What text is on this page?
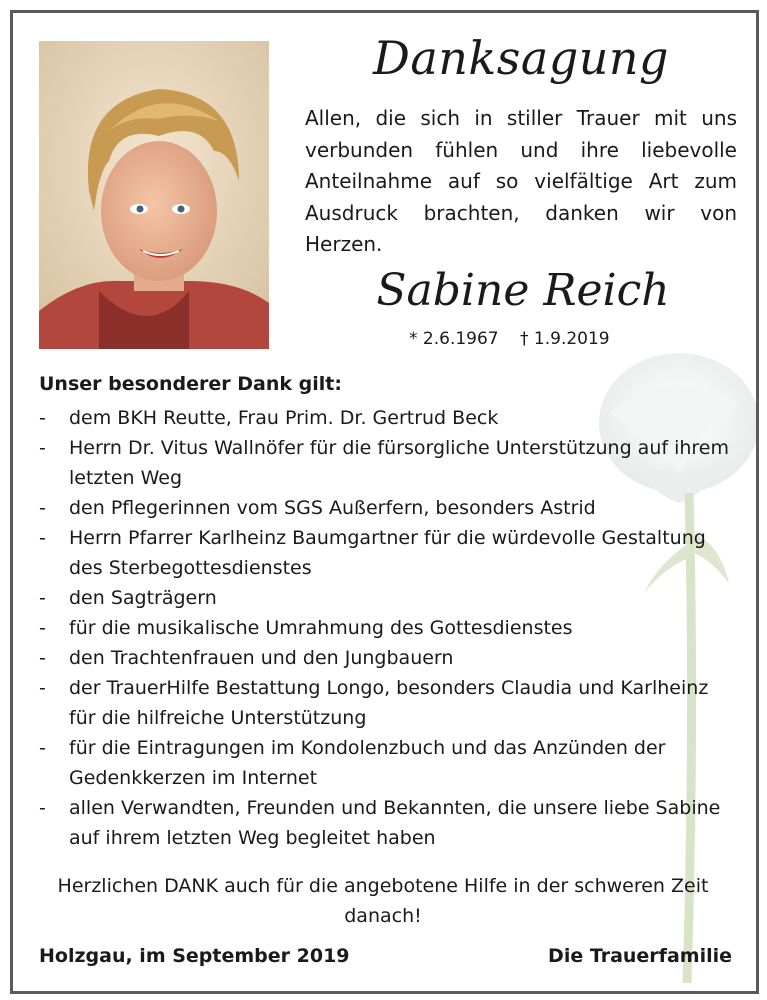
Danksagung
Allen, die sich in stiller Trauer mit uns verbunden fühlen und ihre liebevolle Anteilnahme auf so vielfältige Art zum Ausdruck brachten, danken wir von Herzen.
Sabine Reich
* 2.6.1967 † 1.9.2019
Unser besonderer Dank gilt:
- dem BKH Reutte, Frau Prim. Dr. Gertrud Beck
- Herrn Dr. Vitus Wallnöfer für die fürsorgliche Unterstützung auf ihrem letzten Weg
- den Pflegerinnen vom SGS Außerfern, besonders Astrid
- Herrn Pfarrer Karlheinz Baumgartner für die würdevolle Gestaltung des Sterbegottesdienstes
- den Sagträgern
- für die musikalische Umrahmung des Gottesdienstes
- den Trachtenfrauen und den Jungbauern
- der TrauerHilfe Bestattung Longo, besonders Claudia und Karlheinz für die hilfreiche Unterstützung
- für die Eintragungen im Kondolenzbuch und das Anzünden der Gedenkkerzen im Internet
- allen Verwandten, Freunden und Bekannten, die unsere liebe Sabine auf ihrem letzten Weg begleitet haben
Herzlichen DANK auch für die angebotene Hilfe in der schweren Zeit danach!
Holzgau, im September 2019	Die Trauerfamilie
